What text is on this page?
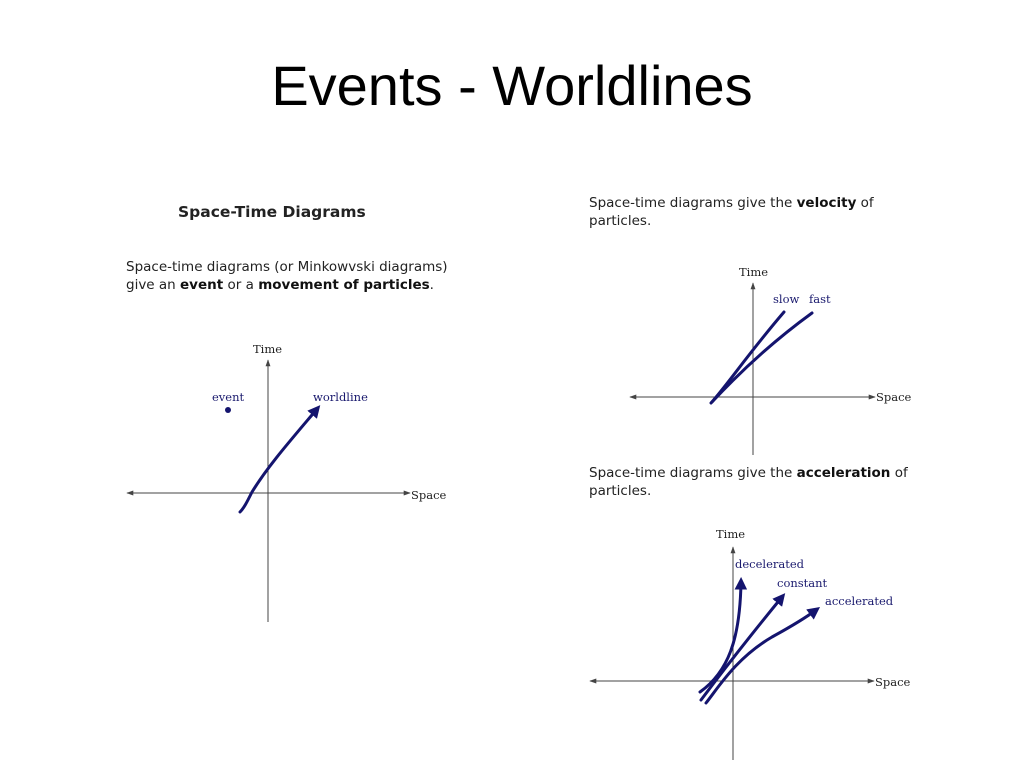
Events - Worldlines
Space-Time Diagrams
Space-time diagrams (or Minkowvski diagrams) give an event or a movement of particles.
Space-time diagrams give the velocity of particles.
Space-time diagrams give the acceleration of particles.
Time
Space
event	worldline
Time
Space
slow fast
Time
Space
decelerated
constant
accelerated
